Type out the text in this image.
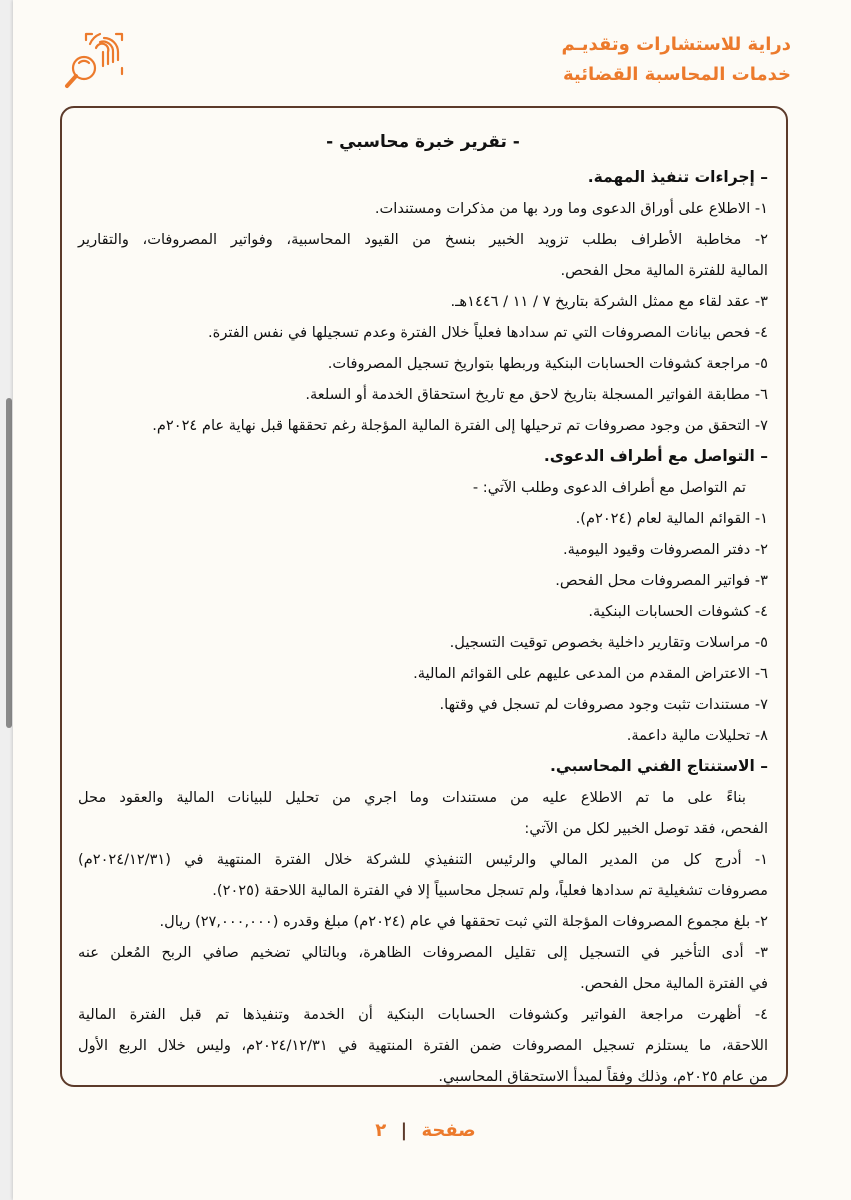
دراية للاستشارات وتقديـم
خدمات المحاسبة القضائية
- تقرير خبرة محاسبي -
– إجراءات تنفيذ المهمة.
١- الاطلاع على أوراق الدعوى وما ورد بها من مذكرات ومستندات.
٢- مخاطبة الأطراف بطلب تزويد الخبير بنسخ من القيود المحاسبية، وفواتير المصروفات، والتقارير
المالية للفترة المالية محل الفحص.
٣- عقد لقاء مع ممثل الشركة بتاريخ ٧ / ١١ / ١٤٤٦هـ.
٤- فحص بيانات المصروفات التي تم سدادها فعلياً خلال الفترة وعدم تسجيلها في نفس الفترة.
٥- مراجعة كشوفات الحسابات البنكية وربطها بتواريخ تسجيل المصروفات.
٦- مطابقة الفواتير المسجلة بتاريخ لاحق مع تاريخ استحقاق الخدمة أو السلعة.
٧- التحقق من وجود مصروفات تم ترحيلها إلى الفترة المالية المؤجلة رغم تحققها قبل نهاية عام ٢٠٢٤م.
– التواصل مع أطراف الدعوى.
تم التواصل مع أطراف الدعوى وطلب الآتي: -
١- القوائم المالية لعام (٢٠٢٤م).
٢- دفتر المصروفات وقيود اليومية.
٣- فواتير المصروفات محل الفحص.
٤- كشوفات الحسابات البنكية.
٥- مراسلات وتقارير داخلية بخصوص توقيت التسجيل.
٦- الاعتراض المقدم من المدعى عليهم على القوائم المالية.
٧- مستندات تثبت وجود مصروفات لم تسجل في وقتها.
٨- تحليلات مالية داعمة.
– الاستنتاج الفني المحاسبي.
بناءً على ما تم الاطلاع عليه من مستندات وما اجري من تحليل للبيانات المالية والعقود محل
الفحص، فقد توصل الخبير لكل من الآتي:
١- أدرج كل من المدير المالي والرئيس التنفيذي للشركة خلال الفترة المنتهية في (٢٠٢٤/١٢/٣١م)
مصروفات تشغيلية تم سدادها فعلياً، ولم تسجل محاسبياً إلا في الفترة المالية اللاحقة (٢٠٢٥).
٢- بلغ مجموع المصروفات المؤجلة التي ثبت تحققها في عام (٢٠٢٤م) مبلغ وقدره (٢٧,٠٠٠,٠٠٠) ريال.
٣- أدى التأخير في التسجيل إلى تقليل المصروفات الظاهرة، وبالتالي تضخيم صافي الربح المُعلن عنه
في الفترة المالية محل الفحص.
٤- أظهرت مراجعة الفواتير وكشوفات الحسابات البنكية أن الخدمة وتنفيذها تم قبل الفترة المالية
اللاحقة، ما يستلزم تسجيل المصروفات ضمن الفترة المنتهية في ٢٠٢٤/١٢/٣١م، وليس خلال الربع الأول
من عام ٢٠٢٥م، وذلك وفقاً لمبدأ الاستحقاق المحاسبي.
صفحة | ٢
